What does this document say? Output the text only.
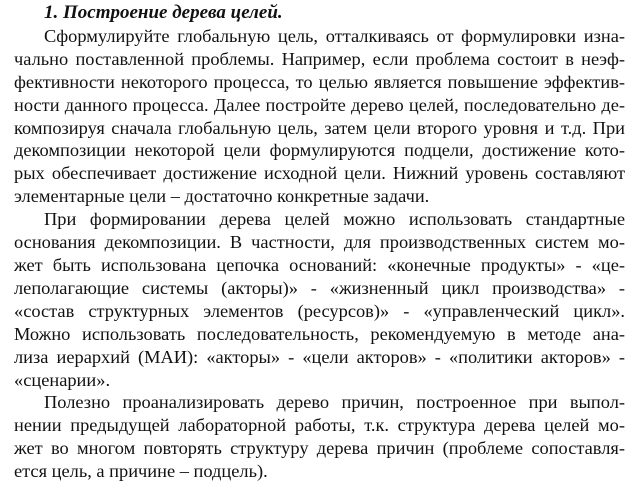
1. Построение дерева целей.

Сформулируйте глобальную цель, отталкиваясь от формулировки изна-
чально поставленной проблемы. Например, если проблема состоит в неэф-
фективности некоторого процесса, то целью является повышение эффектив-
ности данного процесса. Далее постройте дерево целей, последовательно де-
композируя сначала глобальную цель, затем цели второго уровня и т.д. При
декомпозиции некоторой цели формулируются подцели, достижение кото-
рых обеспечивает достижение исходной цели. Нижний уровень составляют
элементарные цели – достаточно конкретные задачи.

При формировании дерева целей можно использовать стандартные
основания декомпозиции. В частности, для производственных систем мо-
жет быть использована цепочка оснований: «конечные продукты» - «це-
леполагающие системы (акторы)» - «жизненный цикл производства» -
«состав структурных элементов (ресурсов)» - «управленческий цикл».
Можно использовать последовательность, рекомендуемую в методе ана-
лиза иерархий (МАИ): «акторы» - «цели акторов» - «политики акторов» -
«сценарии».

Полезно проанализировать дерево причин, построенное при выпол-
нении предыдущей лабораторной работы, т.к. структура дерева целей мо-
жет во многом повторять структуру дерева причин (проблеме сопоставля-
ется цель, а причине – подцель).
